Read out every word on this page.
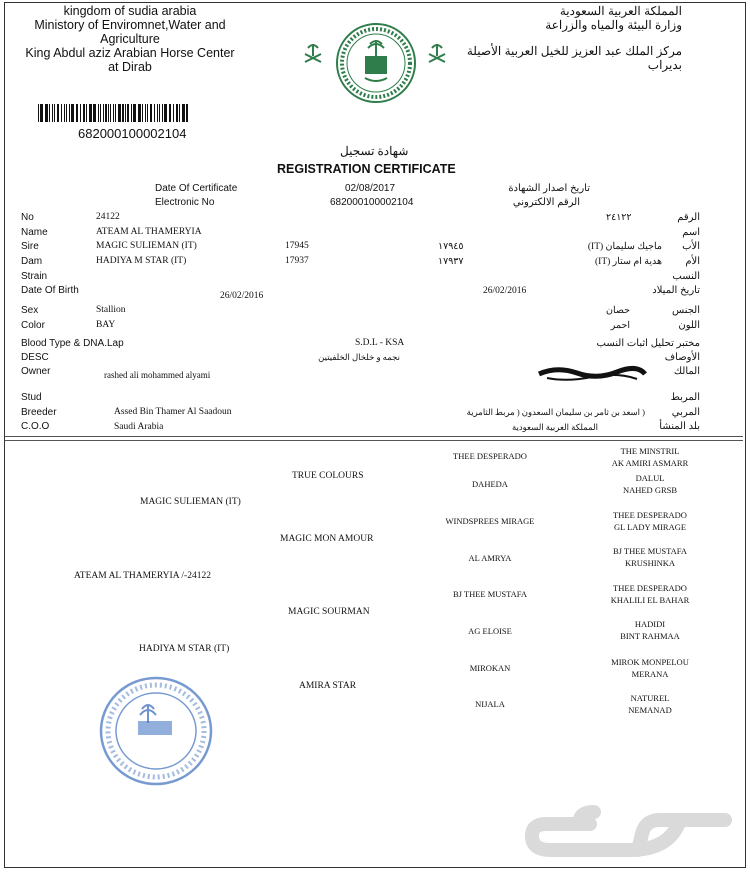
kingdom of sudia arabia
Ministory of Enviromnet,Water and
Agriculture
King Abdul aziz Arabian Horse Center
at Dirab
المملكة العربية السعودية
وزارة البيئة والمياه والزراعة
مركز الملك عبد العزيز للخيل العربية الأصيلة
بديراب
682000100002104
شهادة تسجيل
REGISTRATION CERTIFICATE
Date Of Certificate	02/08/2017	تاريخ اصدار الشهادة
Electronic No	682000100002104	الرقم الالكتروني
No	24122	٢٤١٢٢	الرقم
Name	ATEAM AL THAMERYIA	اسم
Sire	MAGIC SULIEMAN (IT)	17945	١٧٩٤٥	ماجيك سليمان (IT)	الأب
Dam	HADIYA M STAR (IT)	17937	١٧٩٣٧	هدية ام ستار (IT)	الأم
Strain	النسب
Date Of Birth	26/02/2016	26/02/2016	تاريخ الميلاد
Sex	Stallion	حصان	الجنس
Color	BAY	احمر	اللون
Blood Type & DNA.Lap	S.D.L - KSA	مختبر تحليل اثبات النسب
DESC	نجمه و خلخال الخلفيتين	الأوصاف
Owner	rashed ali mohammed alyami	المالك
Stud	المربط
Breeder	Assed Bin Thamer Al Saadoun	( اسعد بن ثامر بن سليمان السعدون ( مربط الثامرية	المربي
C.O.O	Saudi Arabia	المملكة العربية السعودية	بلد المنشأ
ATEAM AL THAMERYIA /-24122
MAGIC SULIEMAN (IT)
HADIYA M STAR (IT)
TRUE COLOURS
MAGIC MON AMOUR
MAGIC SOURMAN
AMIRA STAR
THEE DESPERADO
DAHEDA
WINDSPREES MIRAGE
AL AMRYA
BJ THEE MUSTAFA
AG ELOISE
MIROKAN
NIJALA
THE MINSTRIL
AK AMIRI ASMARR
DALUL
NAHED GRSB
THEE DESPERADO
GL LADY MIRAGE
BJ THEE MUSTAFA
KRUSHINKA
THEE DESPERADO
KHALILI EL BAHAR
HADIDI
BINT RAHMAA
MIROK MONPELOU
MERANA
NATUREL
NEMANAD
